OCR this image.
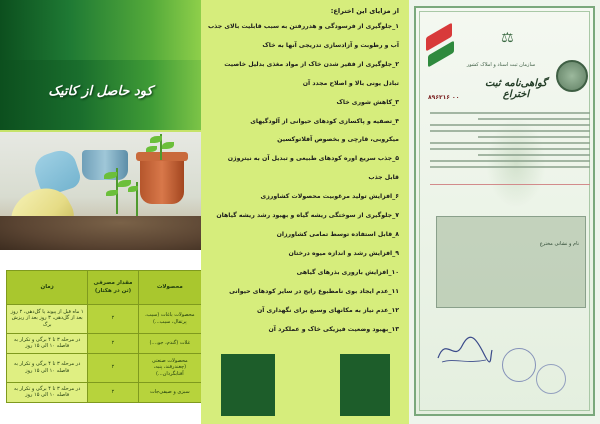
کود حاصل از کاتیک
محصولات	مقدار مصرفی (تن در هکتار)	زمان
محصولات باغات (سیب، پرتقال، سیب...)	۲	۱ ماه قبل از پیوند یا گل‌دهی، ۲ روز بعد از گل‌دهی، ۳ روز بعد از ریزش برگ
غلات (گندم، جو،...)	۲	در مرحله ۳ تا ۴ برگی و تکرار به فاصله ۱۰ الی ۱۵ روز
محصولات صنعتی (چغندرقند، پنبه، آفتابگردان...)	۲	در مرحله ۳ تا ۴ برگی و تکرار به فاصله ۱۰ الی ۱۵ روز
سبزی و صیفی‌جات	۲	در مرحله ۳ تا ۴ برگی و تکرار به فاصله ۱۰ الی ۱۵ روز
از مزایای این اختراع:
۱_جلوگیری از فرسودگی و هدررفتن به سبب قابلیت بالای جذب
آب و رطوبت و آزادسازی تدریجی آنها به خاک
۲_جلوگیری از فقیر شدن خاک از مواد مغذی بدلیل خاصیت
تبادل یونی بالا و اصلاح مجدد آن
۳_کاهش شوری خاک
۴_تصفیه و پاکسازی کودهای حیوانی از آلودگیهای
میکروبی، قارچی و بخصوص آفلاتوکسین
۵_جذب سریع اوره کودهای طبیعی و تبدیل آن به نیتروژن
قابل جذب
۶_افزایش تولید مرغوبیت محصولات کشاورزی
۷_جلوگیری از سوختگی ریشه گیاه و بهبود رشد ریشه گیاهان
۸_قابل استفاده توسط تمامی کشاورزان
۹_افزایش رشد و اندازه میوه درختان
۱۰_افزایش باروری بذرهای گیاهی
۱۱_عدم ایجاد بوی نامطبوع رایج در سایر کودهای حیوانی
۱۲_عدم نیاز به مکانهای وسیع برای نگهداری آن
۱۳_بهبود وضعیت فیزیکی خاک و عملکرد آن
⚖
سازمان ثبت اسناد و املاک کشور
گواهی‌نامه ثبت اختراع
۸۹۶۲۱۶ ۰۰
نام و نشانی مخترع
